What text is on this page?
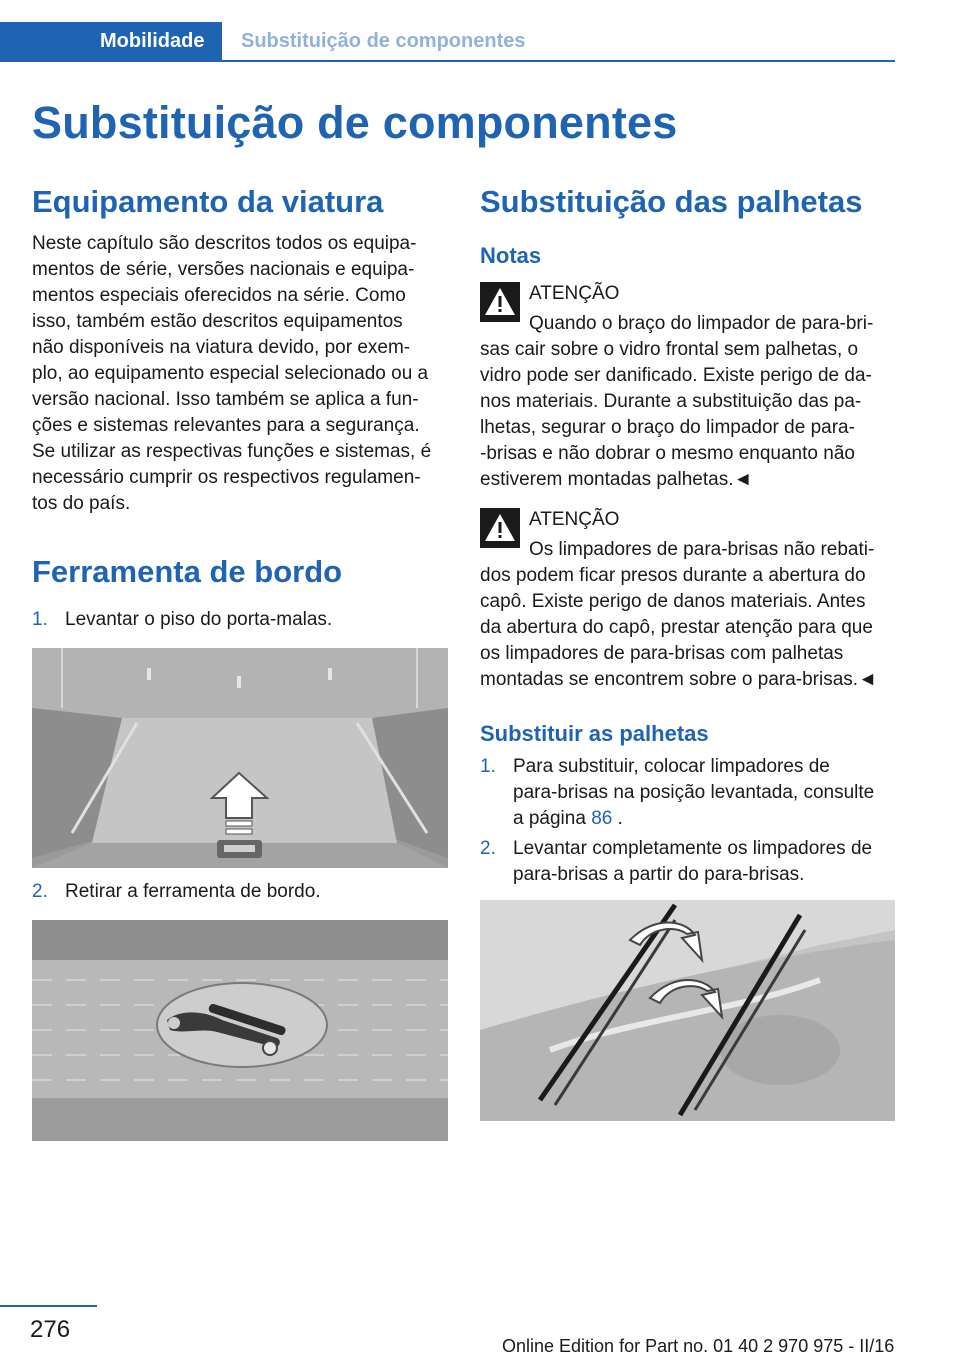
Mobilidade Substituição de componentes
Substituição de componentes
Equipamento da viatura
Neste capítulo são descritos todos os equipa‐
mentos de série, versões nacionais e equipa‐
mentos especiais oferecidos na série. Como
isso, também estão descritos equipamentos
não disponíveis na viatura devido, por exem‐
plo, ao equipamento especial selecionado ou a
versão nacional. Isso também se aplica a fun‐
ções e sistemas relevantes para a segurança.
Se utilizar as respectivas funções e sistemas, é
necessário cumprir os respectivos regulamen‐
tos do país.
Ferramenta de bordo
1. Levantar o piso do porta-malas.
2. Retirar a ferramenta de bordo.
Substituição das palhetas
Notas
ATENÇÃO
Quando o braço do limpador de para-bri‐
sas cair sobre o vidro frontal sem palhetas, o
vidro pode ser danificado. Existe perigo de da‐
nos materiais. Durante a substituição das pa‐
lhetas, segurar o braço do limpador de para-
-brisas e não dobrar o mesmo enquanto não
estiverem montadas palhetas.◄
ATENÇÃO
Os limpadores de para-brisas não rebati‐
dos podem ficar presos durante a abertura do
capô. Existe perigo de danos materiais. Antes
da abertura do capô, prestar atenção para que
os limpadores de para-brisas com palhetas
montadas se encontrem sobre o para-brisas.◄
Substituir as palhetas
1. Para substituir, colocar limpadores de
para-brisas na posição levantada, consulte
a página 86 .
2. Levantar completamente os limpadores de
para-brisas a partir do para-brisas.
276
Online Edition for Part no. 01 40 2 970 975 - II/16
